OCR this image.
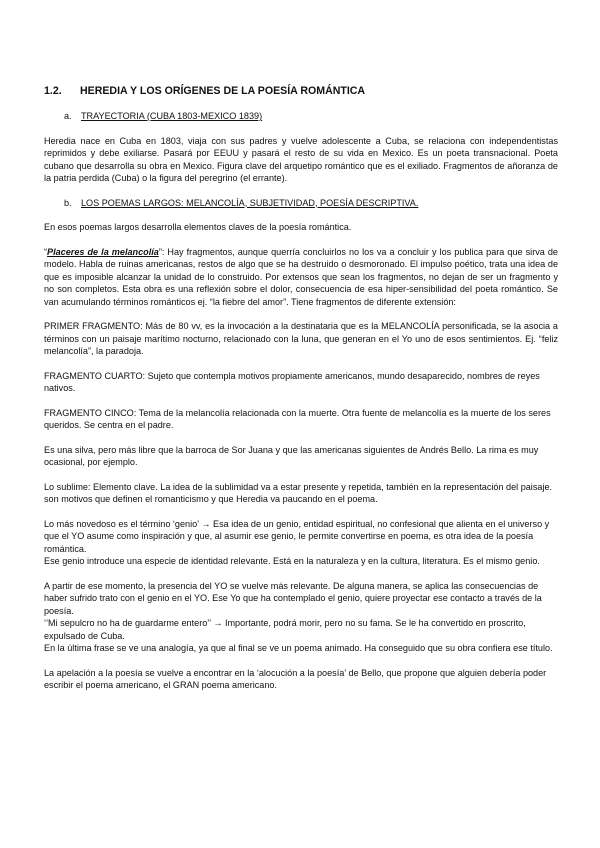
1.2. HEREDIA Y LOS ORÍGENES DE LA POESÍA ROMÁNTICA
a. TRAYECTORIA (CUBA 1803-MEXICO 1839)

Heredia nace en Cuba en 1803, viaja con sus padres y vuelve adolescente a Cuba, se relaciona con independentistas reprimidos y debe exiliarse. Pasará por EEUU y pasará el resto de su vida en Mexico. Es un poeta transnacional. Poeta cubano que desarrolla su obra en Mexico. Figura clave del arquetipo romántico que es el exiliado. Fragmentos de añoranza de la patria perdida (Cuba) o la figura del peregrino (el errante).

b. LOS POEMAS LARGOS: MELANCOLÍA, SUBJETIVIDAD, POESÍA DESCRIPTIVA.

En esos poemas largos desarrolla elementos claves de la poesía romántica.

“Placeres de la melancolía”: Hay fragmentos, aunque querría concluirlos no los va a concluir y los publica para que sirva de modelo. Habla de ruinas americanas, restos de algo que se ha destruido o desmoronado. El impulso poético, trata una idea de que es imposible alcanzar la unidad de lo construido. Por extensos que sean los fragmentos, no dejan de ser un fragmento y no son completos. Esta obra es una reflexión sobre el dolor, consecuencia de esa hiper-sensibilidad del poeta romántico. Se van acumulando términos románticos ej. “la fiebre del amor”. Tiene fragmentos de diferente extensión:

PRIMER FRAGMENTO: Más de 80 vv, es la invocación a la destinataria que es la MELANCOLÍA personificada, se la asocia a términos con un paisaje marítimo nocturno, relacionado con la luna, que generan en el Yo uno de esos sentimientos. Ej. “feliz melancolía”, la paradoja.

FRAGMENTO CUARTO: Sujeto que contempla motivos propiamente americanos, mundo desaparecido, nombres de reyes nativos.

FRAGMENTO CINCO: Tema de la melancolía relacionada con la muerte. Otra fuente de melancolía es la muerte de los seres queridos. Se centra en el padre.

Es una silva, pero más libre que la barroca de Sor Juana y que las americanas siguientes de Andrés Bello. La rima es muy ocasional, por ejemplo.

Lo sublime: Elemento clave. La idea de la sublimidad va a estar presente y repetida, también en la representación del paisaje. son motivos que definen el romanticismo y que Heredia va paucando en el poema.

Lo más novedoso es el término ‘genio’ → Esa idea de un genio, entidad espiritual, no confesional que alienta en el universo y que el YO asume como inspiración y que, al asumir ese genio, le permite convertirse en poema, es otra idea de la poesía romántica.

Ese genio introduce una especie de identidad relevante. Está en la naturaleza y en la cultura, literatura. Es el mismo genio.

A partir de ese momento, la presencia del YO se vuelve más relevante. De alguna manera, se aplica las consecuencias de haber sufrido trato con el genio en el YO. Ese Yo que ha contemplado el genio, quiere proyectar ese contacto a través de la poesía.

‘’Mi sepulcro no ha de guardarme entero’’ → Importante, podrá morir, pero no su fama. Se le ha convertido en proscrito, expulsado de Cuba.

En la última frase se ve una analogía, ya que al final se ve un poema animado. Ha conseguido que su obra confiera ese título.

La apelación a la poesía se vuelve a encontrar en la ‘alocución a la poesía’ de Bello, que propone que alguien debería poder escribir el poema americano, el GRAN poema americano.
